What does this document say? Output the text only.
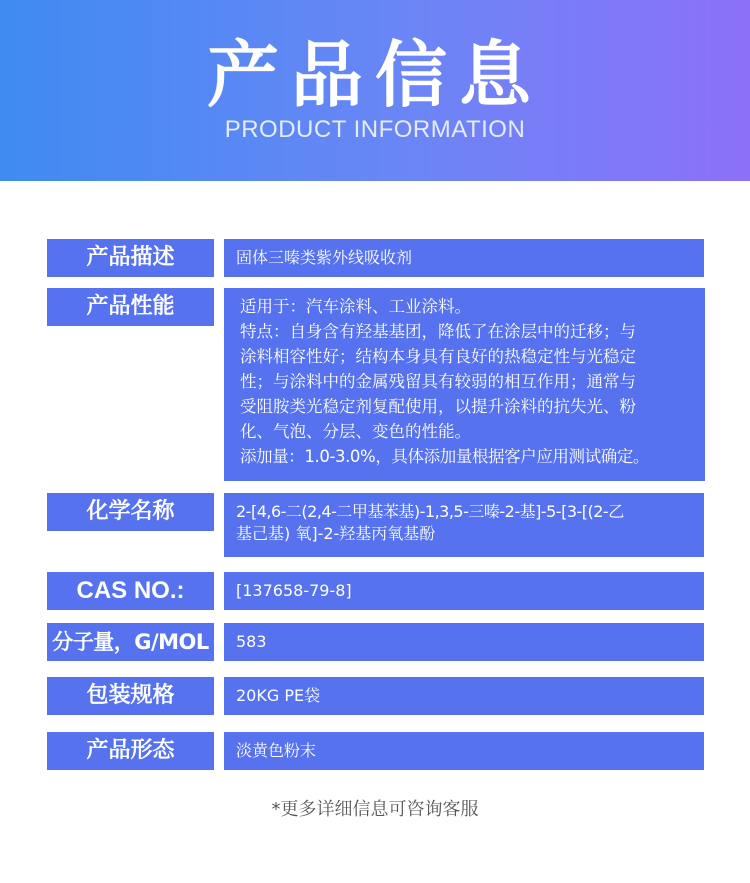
产品信息
PRODUCT INFORMATION
产品描述	固体三嗪类紫外线吸收剂
产品性能	适用于：汽车涂料、工业涂料。
特点：自身含有羟基基团，降低了在涂层中的迁移；与
涂料相容性好；结构本身具有良好的热稳定性与光稳定
性；与涂料中的金属残留具有较弱的相互作用；通常与
受阻胺类光稳定剂复配使用，以提升涂料的抗失光、粉
化、气泡、分层、变色的性能。
添加量：1.0-3.0%，具体添加量根据客户应用测试确定。
化学名称	2-[4,6-二(2,4-二甲基苯基)-1,3,5-三嗪-2-基]-5-[3-[(2-乙
基己基) 氧]-2-羟基丙氧基酚
CAS NO.:	[137658-79-8]
分子量，G/MOL	583
包装规格	20KG PE袋
产品形态	淡黄色粉末
*更多详细信息可咨询客服
